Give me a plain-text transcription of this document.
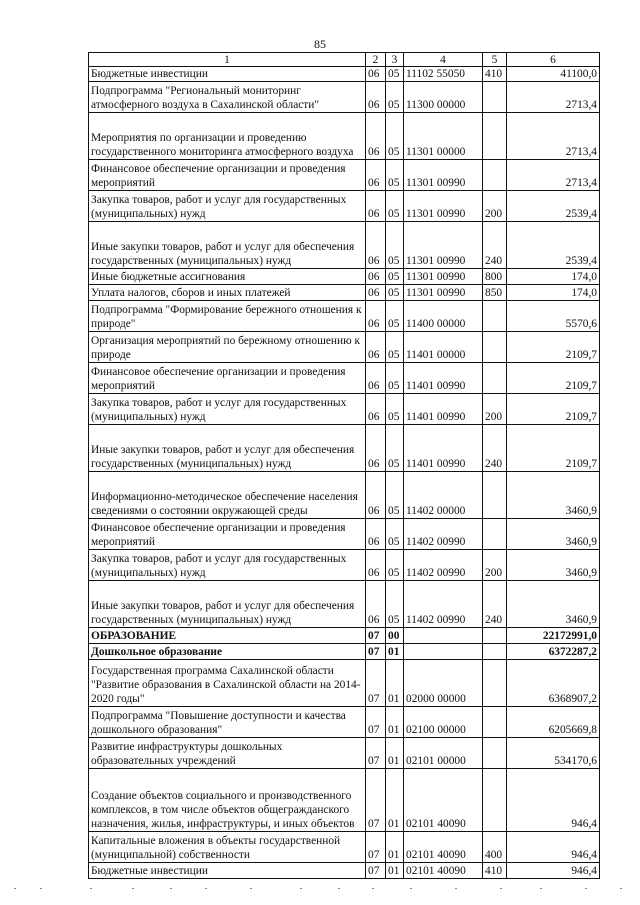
85
1	2	3	4	5	6
Бюджетные инвестиции	06	05	11102 55050	410	41100,0
Подпрограмма "Региональный мониторинг атмосферного воздуха в Сахалинской области"	06	05	11300 00000		2713,4
Мероприятия по организации и проведению государственного мониторинга атмосферного воздуха	06	05	11301 00000		2713,4
Финансовое обеспечение организации и проведения мероприятий	06	05	11301 00990		2713,4
Закупка товаров, работ и услуг для государственных (муниципальных) нужд	06	05	11301 00990	200	2539,4
Иные закупки товаров, работ и услуг для обеспечения государственных (муниципальных) нужд	06	05	11301 00990	240	2539,4
Иные бюджетные ассигнования	06	05	11301 00990	800	174,0
Уплата налогов, сборов и иных платежей	06	05	11301 00990	850	174,0
Подпрограмма "Формирование бережного отношения к природе"	06	05	11400 00000		5570,6
Организация мероприятий по бережному отношению к природе	06	05	11401 00000		2109,7
Финансовое обеспечение организации и проведения мероприятий	06	05	11401 00990		2109,7
Закупка товаров, работ и услуг для государственных (муниципальных) нужд	06	05	11401 00990	200	2109,7
Иные закупки товаров, работ и услуг для обеспечения государственных (муниципальных) нужд	06	05	11401 00990	240	2109,7
Информационно-методическое обеспечение населения сведениями о состоянии окружающей среды	06	05	11402 00000		3460,9
Финансовое обеспечение организации и проведения мероприятий	06	05	11402 00990		3460,9
Закупка товаров, работ и услуг для государственных (муниципальных) нужд	06	05	11402 00990	200	3460,9
Иные закупки товаров, работ и услуг для обеспечения государственных (муниципальных) нужд	06	05	11402 00990	240	3460,9
ОБРАЗОВАНИЕ	07	00			22172991,0
Дошкольное образование	07	01			6372287,2
Государственная программа Сахалинской области "Развитие образования в Сахалинской области на 2014-2020 годы"	07	01	02000 00000		6368907,2
Подпрограмма "Повышение доступности и качества дошкольного образования"	07	01	02100 00000		6205669,8
Развитие инфраструктуры дошкольных образовательных учреждений	07	01	02101 00000		534170,6
Создание объектов социального и производственного комплексов, в том числе объектов общегражданского назначения, жилья, инфраструктуры, и иных объектов	07	01	02101 40090		946,4
Капитальные вложения в объекты государственной (муниципальной) собственности	07	01	02101 40090	400	946,4
Бюджетные инвестиции	07	01	02101 40090	410	946,4
